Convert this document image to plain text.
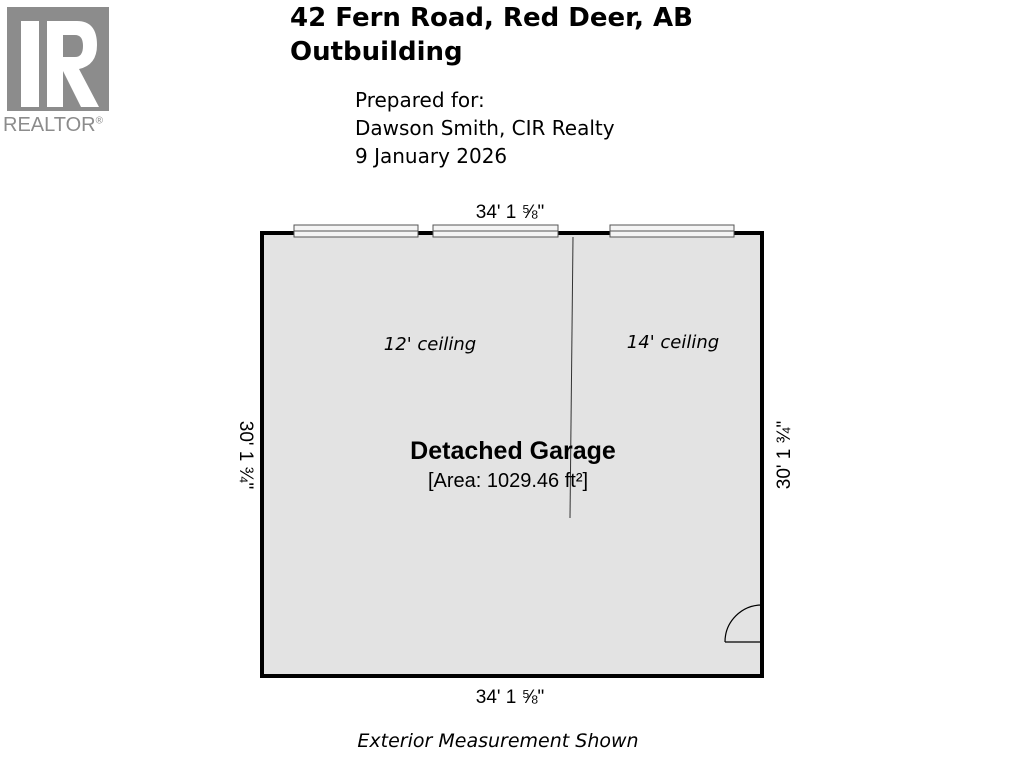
REALTOR®
42 Fern Road, Red Deer, AB
Outbuilding
Prepared for:
Dawson Smith, CIR Realty
9 January 2026
34' 1 ⅝"
34' 1 ⅝"
30' 1 ¾"	30' 1 ¾"
12' ceiling	14' ceiling
Detached Garage
[Area: 1029.46 ft²]
Exterior Measurement Shown
